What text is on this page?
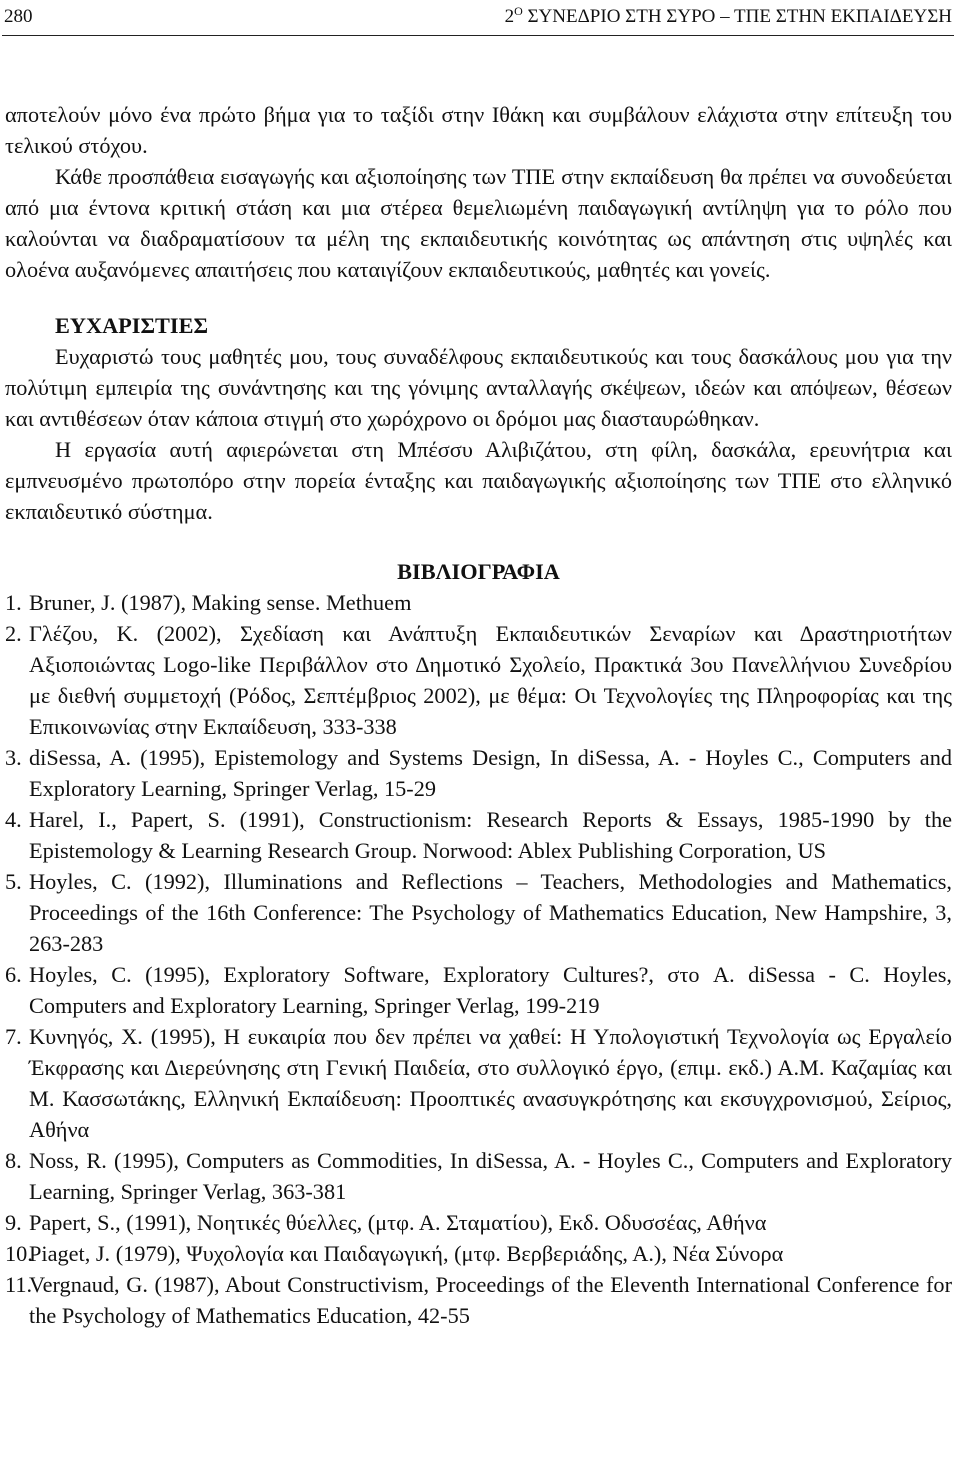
280	$2^O$ ΣΥΝΕΔΡΙΟ ΣΤΗ ΣΥΡΟ – ΤΠΕ ΣΤΗΝ ΕΚΠΑΙΔΕΥΣΗ

αποτελούν μόνο ένα πρώτο βήμα για το ταξίδι στην Ιθάκη και συμβάλουν ελάχιστα στην επίτευξη του τελικού στόχου.

Κάθε προσπάθεια εισαγωγής και αξιοποίησης των ΤΠΕ στην εκπαίδευση θα πρέπει να συνοδεύεται από μια έντονα κριτική στάση και μια στέρεα θεμελιωμένη παιδαγωγική αντίληψη για το ρόλο που καλούνται να διαδραματίσουν τα μέλη της εκπαιδευτικής κοινότητας ως απάντηση στις υψηλές και ολοένα αυξανόμενες απαιτήσεις που καταιγίζουν εκπαιδευτικούς, μαθητές και γονείς.

ΕΥΧΑΡΙΣΤΙΕΣ

Ευχαριστώ τους μαθητές μου, τους συναδέλφους εκπαιδευτικούς και τους δασκάλους μου για την πολύτιμη εμπειρία της συνάντησης και της γόνιμης ανταλλαγής σκέψεων, ιδεών και απόψεων, θέσεων και αντιθέσεων όταν κάποια στιγμή στο χωρόχρονο οι δρόμοι μας διασταυρώθηκαν.

Η εργασία αυτή αφιερώνεται στη Μπέσσυ Αλιβιζάτου, στη φίλη, δασκάλα, ερευνήτρια και εμπνευσμένο πρωτοπόρο στην πορεία ένταξης και παιδαγωγικής αξιοποίησης των ΤΠΕ στο ελληνικό εκπαιδευτικό σύστημα.

ΒΙΒΛΙΟΓΡΑΦΙΑ
1. Bruner, J. (1987), Making sense. Methuem
2. Γλέζου, Κ. (2002), Σχεδίαση και Ανάπτυξη Εκπαιδευτικών Σεναρίων και Δραστηριοτήτων Αξιοποιώντας Logo-like Περιβάλλον στο Δημοτικό Σχολείο, Πρακτικά 3ου Πανελλήνιου Συνεδρίου με διεθνή συμμετοχή (Ρόδος, Σεπτέμβριος 2002), με θέμα: Οι Τεχνολογίες της Πληροφορίας και της Επικοινωνίας στην Εκπαίδευση, 333-338
3. diSessa, A. (1995), Epistemology and Systems Design, In diSessa, A. - Hoyles C., Computers and Exploratory Learning, Springer Verlag, 15-29
4. Harel, I., Papert, S. (1991), Constructionism: Research Reports & Essays, 1985-1990 by the Epistemology & Learning Research Group. Norwood: Ablex Publishing Corporation, US
5. Hoyles, C. (1992), Illuminations and Reflections – Teachers, Methodologies and Mathematics, Proceedings of the 16th Conference: The Psychology of Mathematics Education, New Hampshire, 3, 263-283
6. Hoyles, C. (1995), Exploratory Software, Exploratory Cultures?, στο A. diSessa - C. Hoyles, Computers and Exploratory Learning, Springer Verlag, 199-219
7. Κυνηγός, Χ. (1995), Η ευκαιρία που δεν πρέπει να χαθεί: Η Υπολογιστική Τεχνολογία ως Εργαλείο Έκφρασης και Διερεύνησης στη Γενική Παιδεία, στο συλλογικό έργο, (επιμ. εκδ.) Α.Μ. Καζαμίας και Μ. Κασσωτάκης, Ελληνική Εκπαίδευση: Προοπτικές ανασυγκρότησης και εκσυγχρονισμού, Σείριος, Αθήνα
8. Noss, R. (1995), Computers as Commodities, In diSessa, A. - Hoyles C., Computers and Exploratory Learning, Springer Verlag, 363-381
9. Papert, S., (1991), Νοητικές θύελλες, (μτφ. Α. Σταματίου), Εκδ. Οδυσσέας, Αθήνα
10.
Piaget, J. (1979), Ψυχολογία και Παιδαγωγική, (μτφ. Βερβεριάδης, Α.), Νέα Σύνορα
11.
Vergnaud, G. (1987), About Constructivism, Proceedings of the Eleventh International Conference for the Psychology of Mathematics Education, 42-55
